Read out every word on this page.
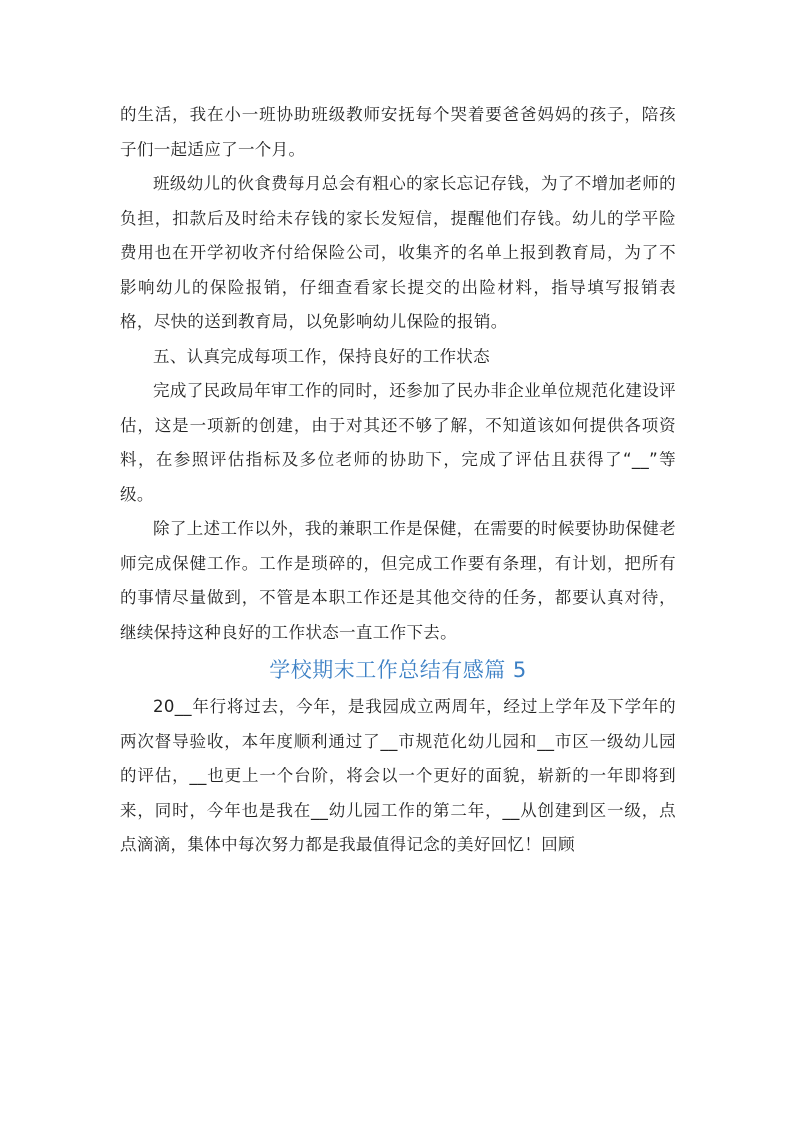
的生活，我在小一班协助班级教师安抚每个哭着要爸爸妈妈的孩子，陪孩子们一起适应了一个月。

班级幼儿的伙食费每月总会有粗心的家长忘记存钱，为了不增加老师的负担，扣款后及时给未存钱的家长发短信，提醒他们存钱。幼儿的学平险费用也在开学初收齐付给保险公司，收集齐的名单上报到教育局，为了不影响幼儿的保险报销，仔细查看家长提交的出险材料，指导填写报销表格，尽快的送到教育局，以免影响幼儿保险的报销。

五、认真完成每项工作，保持良好的工作状态

完成了民政局年审工作的同时，还参加了民办非企业单位规范化建设评估，这是一项新的创建，由于对其还不够了解，不知道该如何提供各项资料，在参照评估指标及多位老师的协助下，完成了评估且获得了“__”等级。

除了上述工作以外，我的兼职工作是保健，在需要的时候要协助保健老师完成保健工作。工作是琐碎的，但完成工作要有条理，有计划，把所有的事情尽量做到，不管是本职工作还是其他交待的任务，都要认真对待，继续保持这种良好的工作状态一直工作下去。

学校期末工作总结有感篇 5

20__年行将过去，今年，是我园成立两周年，经过上学年及下学年的两次督导验收，本年度顺利通过了__市规范化幼儿园和__市区一级幼儿园的评估，__也更上一个台阶，将会以一个更好的面貌，崭新的一年即将到来，同时，今年也是我在__幼儿园工作的第二年，__从创建到区一级，点点滴滴，集体中每次努力都是我最值得记念的美好回忆！回顾
